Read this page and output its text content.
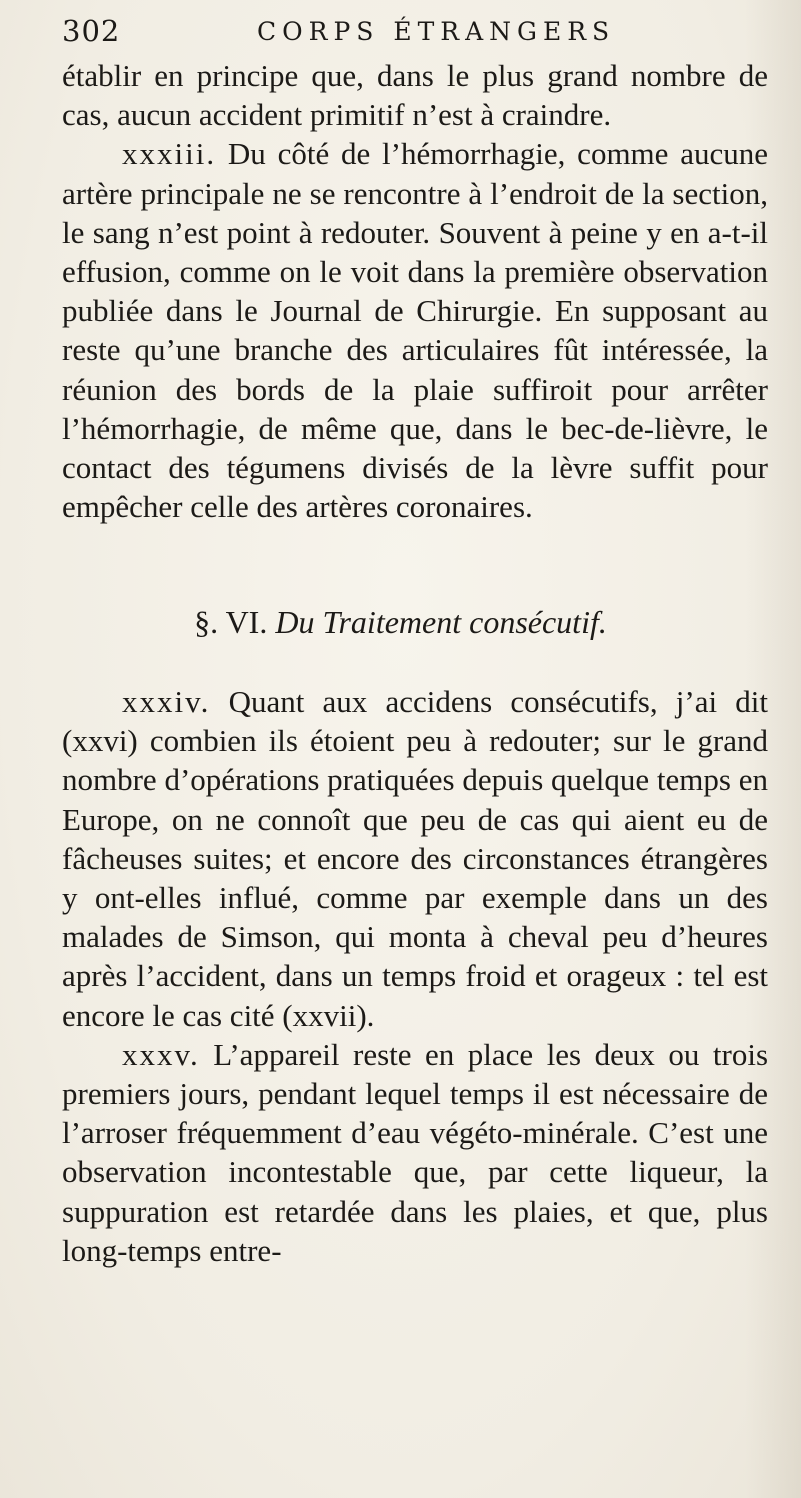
302	CORPS ÉTRANGERS

établir en principe que, dans le plus grand nombre de cas, aucun accident primitif n’est à craindre.

xxxiii. Du côté de l’hémorrhagie, comme aucune artère principale ne se rencontre à l’endroit de la section, le sang n’est point à redouter. Souvent à peine y en a-t-il effusion, comme on le voit dans la première observation publiée dans le Journal de Chirurgie. En supposant au reste qu’une branche des articulaires fût intéressée, la réunion des bords de la plaie suffiroit pour arrêter l’hémorrhagie, de même que, dans le bec-de-lièvre, le contact des tégumens divisés de la lèvre suffit pour empêcher celle des artères coronaires.

§. VI. Du Traitement consécutif.

xxxiv. Quant aux accidens consécutifs, j’ai dit (xxvi) combien ils étoient peu à redouter; sur le grand nombre d’opérations pratiquées depuis quelque temps en Europe, on ne connoît que peu de cas qui aient eu de fâcheuses suites; et encore des circonstances étrangères y ont-elles influé, comme par exemple dans un des malades de Simson, qui monta à cheval peu d’heures après l’accident, dans un temps froid et orageux : tel est encore le cas cité (xxvii).

xxxv. L’appareil reste en place les deux ou trois premiers jours, pendant lequel temps il est nécessaire de l’arroser fréquemment d’eau végéto-minérale. C’est une observation incontestable que, par cette liqueur, la suppuration est retardée dans les plaies, et que, plus long-temps entre-
